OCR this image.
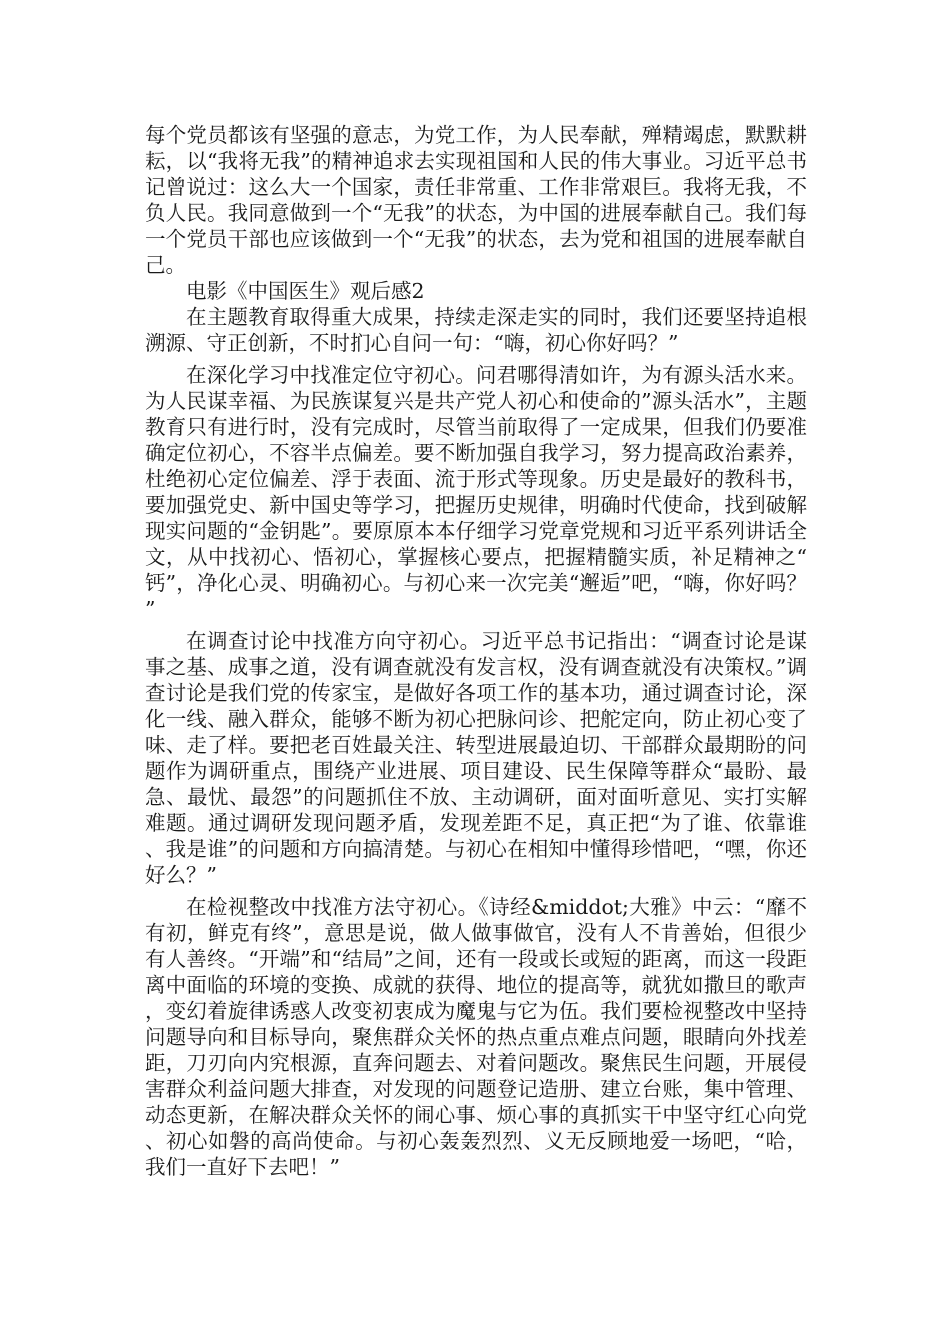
每个党员都该有坚强的意志，为党工作，为人民奉献，殚精竭虑，默默耕耘，以“我将无我”的精神追求去实现祖国和人民的伟大事业。习近平总书记曾说过：这么大一个国家，责任非常重、工作非常艰巨。我将无我，不负人民。我同意做到一个“无我”的状态，为中国的进展奉献自己。我们每一个党员干部也应该做到一个“无我”的状态，去为党和祖国的进展奉献自己。

电影《中国医生》观后感2

在主题教育取得重大成果，持续走深走实的同时，我们还要坚持追根溯源、守正创新，不时扪心自问一句：“嗨，初心你好吗？”

在深化学习中找准定位守初心。问君哪得清如许，为有源头活水来。为人民谋幸福、为民族谋复兴是共产党人初心和使命的”源头活水”，主题教育只有进行时，没有完成时，尽管当前取得了一定成果，但我们仍要准确定位初心，不容半点偏差。要不断加强自我学习，努力提高政治素养，杜绝初心定位偏差、浮于表面、流于形式等现象。历史是最好的教科书，要加强党史、新中国史等学习，把握历史规律，明确时代使命，找到破解现实问题的“金钥匙”。要原原本本仔细学习党章党规和习近平系列讲话全文，从中找初心、悟初心，掌握核心要点，把握精髓实质，补足精神之“钙”，净化心灵、明确初心。与初心来一次完美“邂逅”吧，“嗨，你好吗？”

在调查讨论中找准方向守初心。习近平总书记指出：“调查讨论是谋事之基、成事之道，没有调查就没有发言权，没有调查就没有决策权。”调查讨论是我们党的传家宝，是做好各项工作的基本功，通过调查讨论，深化一线、融入群众，能够不断为初心把脉问诊、把舵定向，防止初心变了味、走了样。要把老百姓最关注、转型进展最迫切、干部群众最期盼的问题作为调研重点，围绕产业进展、项目建设、民生保障等群众“最盼、最急、最忧、最怨”的问题抓住不放、主动调研，面对面听意见、实打实解难题。通过调研发现问题矛盾，发现差距不足，真正把“为了谁、依靠谁、我是谁”的问题和方向搞清楚。与初心在相知中懂得珍惜吧，“嘿，你还好么？”

在检视整改中找准方法守初心。《诗经&middot;大雅》中云：“靡不有初，鲜克有终”，意思是说，做人做事做官，没有人不肯善始，但很少有人善终。“开端”和“结局”之间，还有一段或长或短的距离，而这一段距离中面临的环境的变换、成就的获得、地位的提高等，就犹如撒旦的歌声，变幻着旋律诱惑人改变初衷成为魔鬼与它为伍。我们要检视整改中坚持问题导向和目标导向，聚焦群众关怀的热点重点难点问题，眼睛向外找差距，刀刃向内究根源，直奔问题去、对着问题改。聚焦民生问题，开展侵害群众利益问题大排查，对发现的问题登记造册、建立台账，集中管理、动态更新，在解决群众关怀的闹心事、烦心事的真抓实干中坚守红心向党、初心如磐的高尚使命。与初心轰轰烈烈、义无反顾地爱一场吧，“哈，我们一直好下去吧！”
